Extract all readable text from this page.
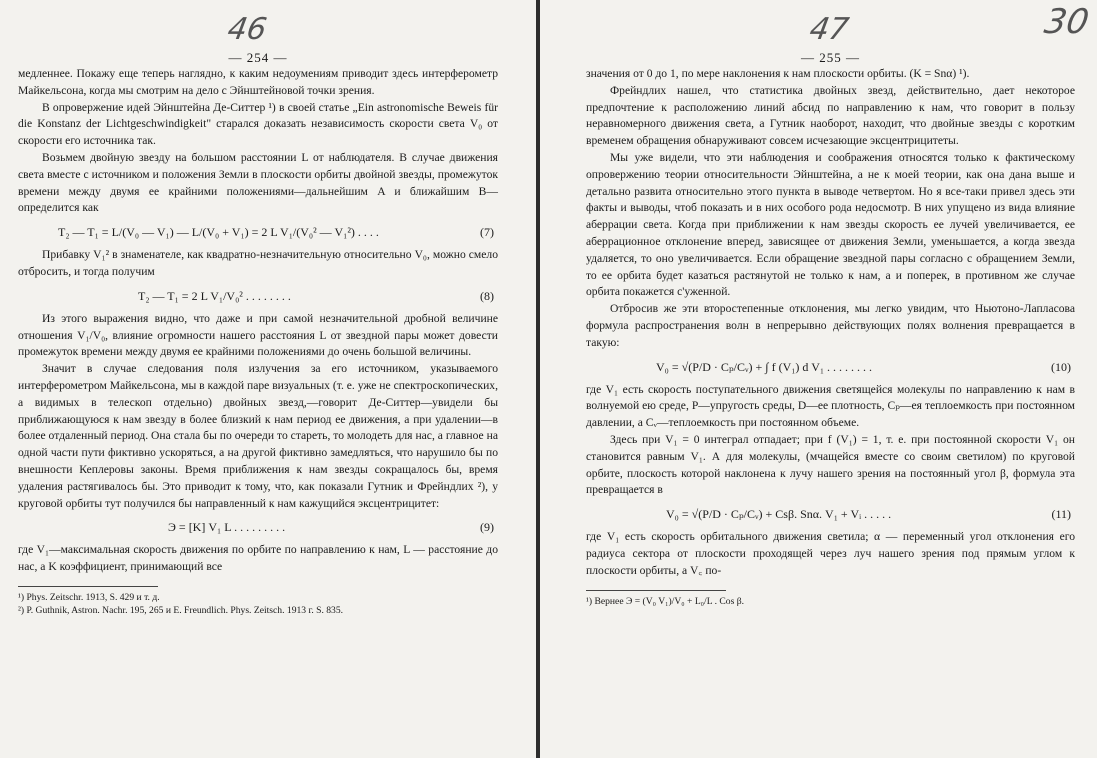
46
— 254 —

медленнее. Покажу еще теперь наглядно, к каким недоумениям приводит здесь интерферометр Майкельсона, когда мы смотрим на дело с Эйнштейновой точки зрения.

В опровержение идей Эйнштейна Де-Ситтер ¹) в своей статье „Ein astronomische Beweis für die Konstanz der Lichtgeschwindigkeit" старался доказать независимость скорости света V₀ от скорости его источника так.

Возьмем двойную звезду на большом расстоянии L от наблюдателя. В случае движения света вместе с источником и положения Земли в плоскости орбиты двойной звезды, промежуток времени между двумя ее крайними положениями—дальнейшим A и ближайшим B—определится как

T₂ — T₁ = L/(V₀ — V₁) — L/(V₀ + V₁) = 2 L V₁/(V₀² — V₁²) . . . .	(7)

Прибавку V₁² в знаменателе, как квадратно-незначительную относительно V₀, можно смело отбросить, и тогда получим

T₂ — T₁ = 2 L V₁/V₀² . . . . . . . .	(8)

Из этого выражения видно, что даже и при самой незначительной дробной величине отношения V₁/V₀, влияние огромности нашего расстояния L от звездной пары может довести промежуток времени между двумя ее крайними положениями до очень большой величины.

Значит в случае следования поля излучения за его источником, указываемого интерферометром Майкельсона, мы в каждой паре визуальных (т. е. уже не спектроскопических, а видимых в телескоп отдельно) двойных звезд,—говорит Де-Ситтер—увидели бы приближающуюся к нам звезду в более близкий к нам период ее движения, а при удалении—в более отдаленный период. Она стала бы по очереди то стареть, то молодеть для нас, а главное на одной части пути фиктивно ускоряться, а на другой фиктивно замедляться, что нарушило бы по внешности Кеплеровы законы. Время приближения к нам звезды сокращалось бы, время удаления растягивалось бы. Это приводит к тому, что, как показали Гутник и Фрейндлих ²), у круговой орбиты тут получился бы направленный к нам кажущийся эксцентрицитет:

Э = [K] V₁ L . . . . . . . . .	(9)

где V₁—максимальная скорость движения по орбите по направлению к нам, L — расстояние до нас, а K коэффициент, принимающий все

¹) Phys. Zeitschr. 1913, S. 429 и т. д.

²) P. Guthnik, Astron. Nachr. 195, 265 и E. Freundlich. Phys. Zeitsch. 1913 г. S. 835.

47	30
— 255 —

значения от 0 до 1, по мере наклонения к нам плоскости орбиты. (K = Snα) ¹).

Фрейндлих нашел, что статистика двойных звезд, действительно, дает некоторое предпочтение к расположению линий абсид по направлению к нам, что говорит в пользу неравномерного движения света, а Гутник наоборот, находит, что двойные звезды с коротким временем обращения обнаруживают совсем исчезающие эксцентрицитеты.

Мы уже видели, что эти наблюдения и соображения относятся только к фактическому опровержению теории относительности Эйнштейна, а не к моей теории, как она дана выше и детально развита относительно этого пункта в выводе четвертом. Но я все-таки привел здесь эти факты и выводы, чтоб показать и в них особого рода недосмотр. В них упущено из вида влияние аберрации света. Когда при приближении к нам звезды скорость ее лучей увеличивается, ее аберрационное отклонение вперед, зависящее от движения Земли, уменьшается, а когда звезда удаляется, то оно увеличивается. Если обращение звездной пары согласно с обращением Земли, то ее орбита будет казаться растянутой не только к нам, а и поперек, в противном же случае орбита покажется с'уженной.

Отбросив же эти второстепенные отклонения, мы легко увидим, что Ньютоно-Лапласова формула распространения волн в непрерывно действующих полях волнения превращается в такую:

V₀ = √(P/D · Cₚ/Cᵥ) + ∫ f (V₁) d V₁ . . . . . . . .	(10)

где V₁ есть скорость поступательного движения светящейся молекулы по направлению к нам в волнуемой ею среде, P—упругость среды, D—ее плотность, Cₚ—ея теплоемкость при постоянном давлении, а Cᵥ—теплоемкость при постоянном объеме.

Здесь при V₁ = 0 интеграл отпадает; при f (V₁) = 1, т. е. при постоянной скорости V₁ он становится равным V₁. А для молекулы, (мчащейся вместе со своим светилом) по круговой орбите, плоскость которой наклонена к лучу нашего зрения на постоянный угол β, формула эта превращается в

V₀ = √(P/D · Cₚ/Cᵥ) + Csβ. Snα. V₁ + Vᵢ . . . . .	(11)

где V₁ есть скорость орбитального движения светила; α — переменный угол отклонения его радиуса сектора от плоскости проходящей через луч нашего зрения под прямым углом к плоскости орбиты, а V꜀ по-

¹) Вернее Э = (V₀ V₁)/V₀ + L₀/L . Cos β.
